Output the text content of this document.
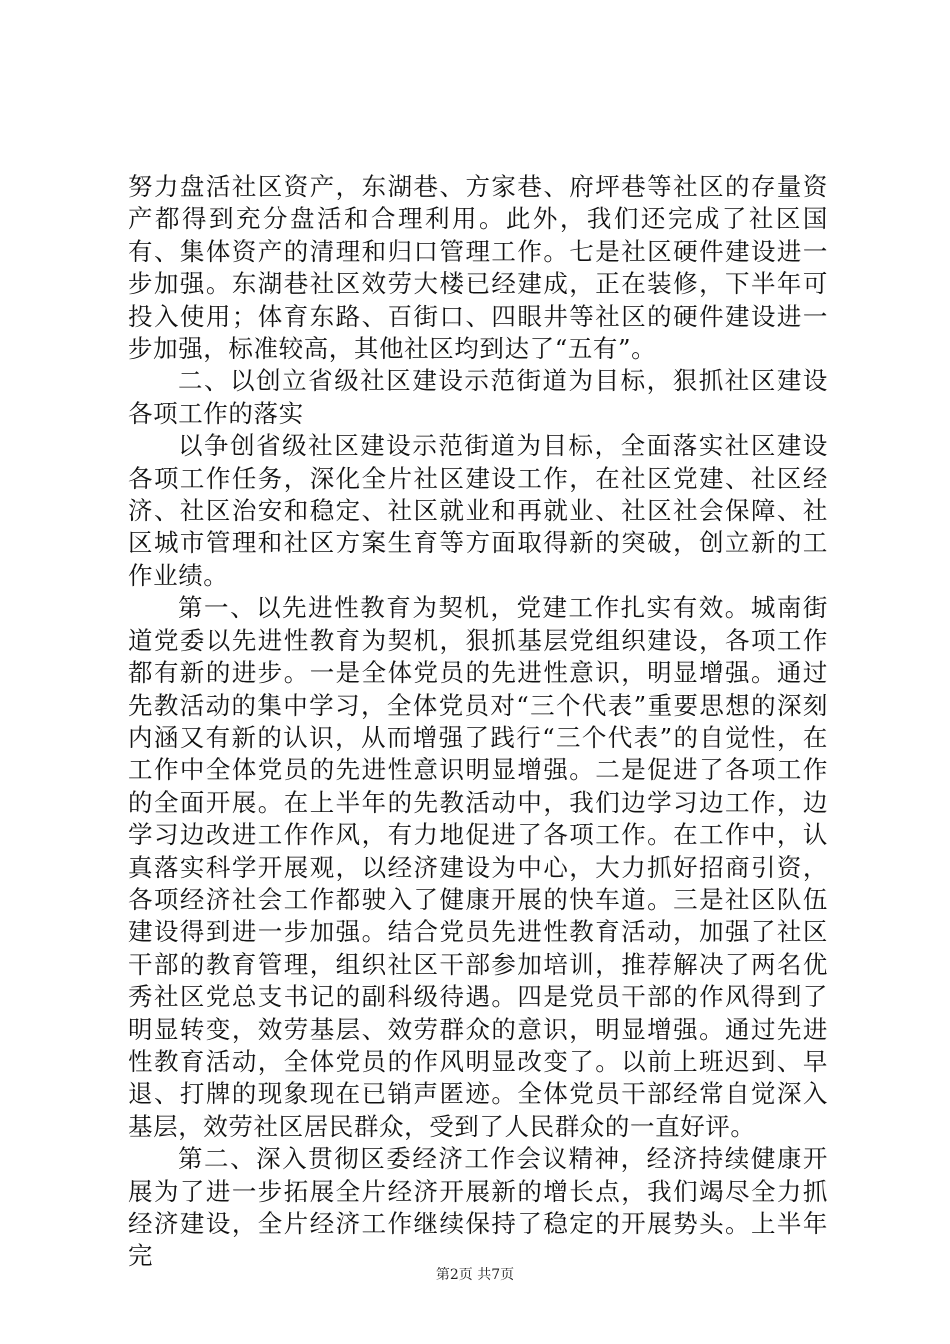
努力盘活社区资产，东湖巷、方家巷、府坪巷等社区的存量资产都得到充分盘活和合理利用。此外，我们还完成了社区国有、集体资产的清理和归口管理工作。七是社区硬件建设进一步加强。东湖巷社区效劳大楼已经建成，正在装修，下半年可投入使用；体育东路、百街口、四眼井等社区的硬件建设进一步加强，标准较高，其他社区均到达了“五有”。

二、以创立省级社区建设示范街道为目标，狠抓社区建设各项工作的落实

以争创省级社区建设示范街道为目标，全面落实社区建设各项工作任务，深化全片社区建设工作，在社区党建、社区经济、社区治安和稳定、社区就业和再就业、社区社会保障、社区城市管理和社区方案生育等方面取得新的突破，创立新的工作业绩。

第一、以先进性教育为契机，党建工作扎实有效。城南街道党委以先进性教育为契机，狠抓基层党组织建设，各项工作都有新的进步。一是全体党员的先进性意识，明显增强。通过先教活动的集中学习，全体党员对“三个代表”重要思想的深刻内涵又有新的认识，从而增强了践行“三个代表”的自觉性，在工作中全体党员的先进性意识明显增强。二是促进了各项工作的全面开展。在上半年的先教活动中，我们边学习边工作，边学习边改进工作作风，有力地促进了各项工作。在工作中，认真落实科学开展观，以经济建设为中心，大力抓好招商引资，各项经济社会工作都驶入了健康开展的快车道。三是社区队伍建设得到进一步加强。结合党员先进性教育活动，加强了社区干部的教育管理，组织社区干部参加培训，推荐解决了两名优秀社区党总支书记的副科级待遇。四是党员干部的作风得到了明显转变，效劳基层、效劳群众的意识，明显增强。通过先进性教育活动，全体党员的作风明显改变了。以前上班迟到、早退、打牌的现象现在已销声匿迹。全体党员干部经常自觉深入基层，效劳社区居民群众，受到了人民群众的一直好评。

第二、深入贯彻区委经济工作会议精神，经济持续健康开展为了进一步拓展全片经济开展新的增长点，我们竭尽全力抓经济建设，全片经济工作继续保持了稳定的开展势头。上半年完

第2页 共7页
